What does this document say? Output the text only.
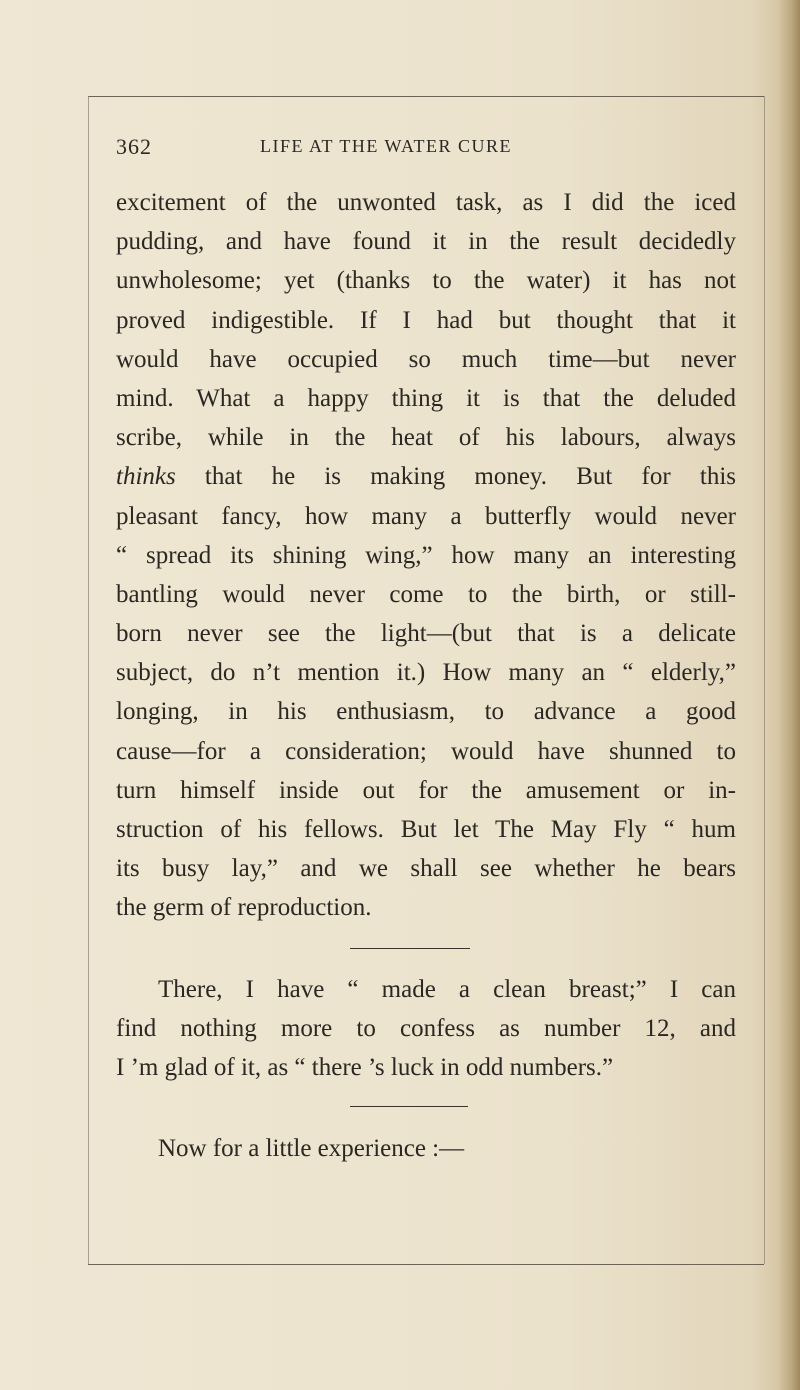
362	LIFE AT THE WATER CURE
excitement of the unwonted task, as I did the iced
pudding, and have found it in the result decidedly
unwholesome; yet (thanks to the water) it has not
proved indigestible. If I had but thought that it
would have occupied so much time—but never
mind. What a happy thing it is that the deluded
scribe, while in the heat of his labours, always
thinks that he is making money. But for this
pleasant fancy, how many a butterfly would never
“ spread its shining wing,” how many an interesting
bantling would never come to the birth, or still-
born never see the light—(but that is a delicate
subject, do n’t mention it.) How many an “ elderly,”
longing, in his enthusiasm, to advance a good
cause—for a consideration; would have shunned to
turn himself inside out for the amusement or in-
struction of his fellows. But let The May Fly “ hum
its busy lay,” and we shall see whether he bears
the germ of reproduction.
There, I have “ made a clean breast;” I can
find nothing more to confess as number 12, and
I ’m glad of it, as “ there ’s luck in odd numbers.”
Now for a little experience :—
